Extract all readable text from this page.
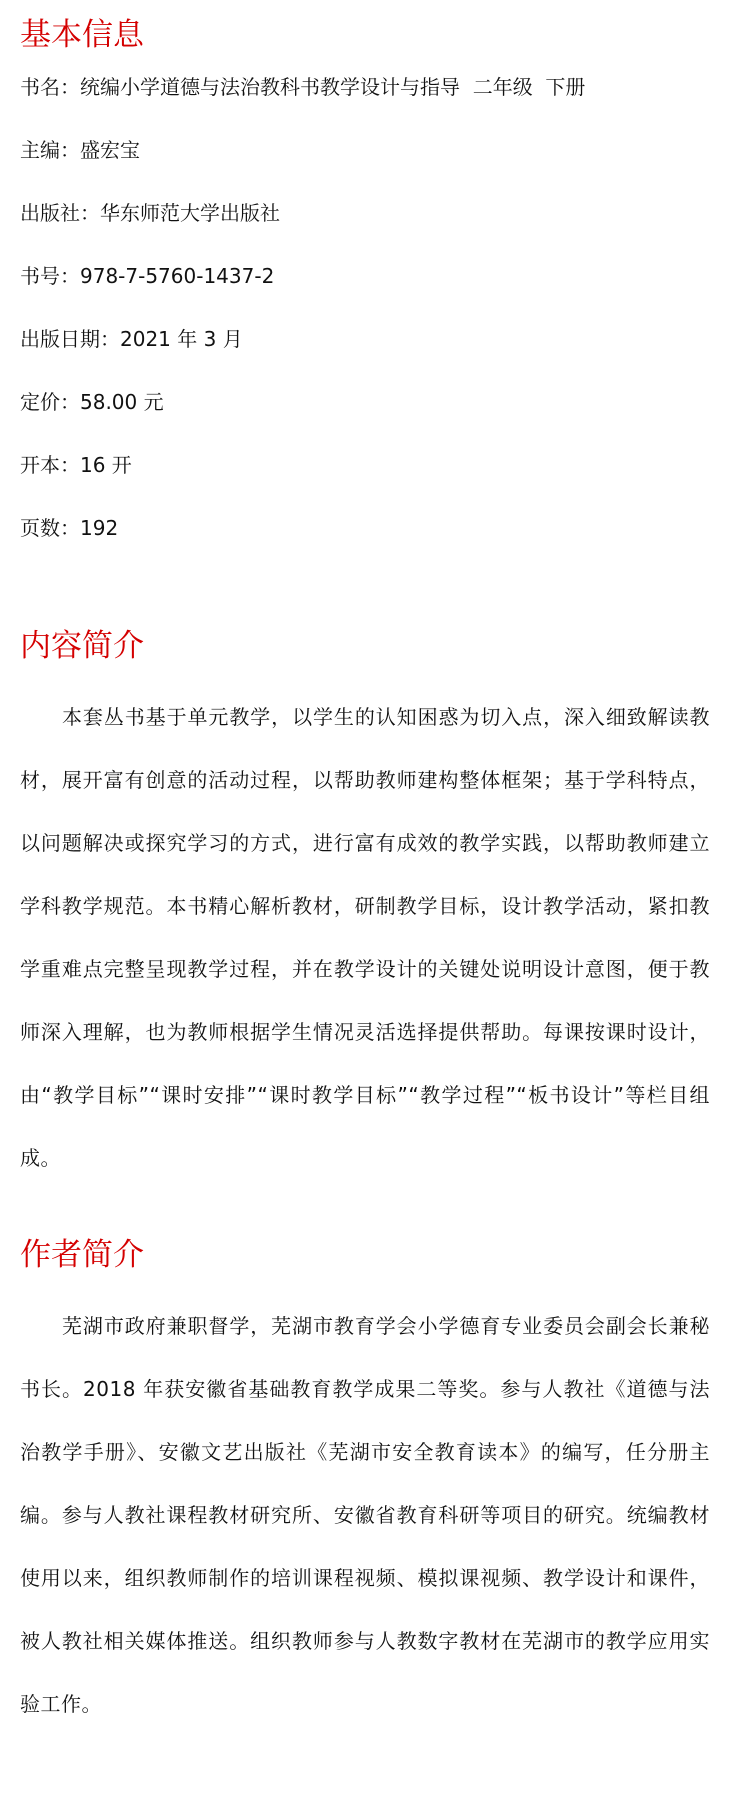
基本信息

书名：统编小学道德与法治教科书教学设计与指导  二年级  下册

主编：盛宏宝

出版社：华东师范大学出版社

书号：978-7-5760-1437-2

出版日期：2021 年 3 月

定价：58.00 元

开本：16 开

页数：192

内容简介

本套丛书基于单元教学，以学生的认知困惑为切入点，深入细致解读教材，展开富有创意的活动过程，以帮助教师建构整体框架；基于学科特点，以问题解决或探究学习的方式，进行富有成效的教学实践，以帮助教师建立学科教学规范。本书精心解析教材，研制教学目标，设计教学活动，紧扣教学重难点完整呈现教学过程，并在教学设计的关键处说明设计意图，便于教师深入理解，也为教师根据学生情况灵活选择提供帮助。每课按课时设计，由“教学目标”“课时安排”“课时教学目标”“教学过程”“板书设计”等栏目组成。

作者简介

芜湖市政府兼职督学，芜湖市教育学会小学德育专业委员会副会长兼秘书长。2018 年获安徽省基础教育教学成果二等奖。参与人教社《道德与法治教学手册》、安徽文艺出版社《芜湖市安全教育读本》的编写，任分册主编。参与人教社课程教材研究所、安徽省教育科研等项目的研究。统编教材使用以来，组织教师制作的培训课程视频、模拟课视频、教学设计和课件，被人教社相关媒体推送。组织教师参与人教数字教材在芜湖市的教学应用实验工作。
